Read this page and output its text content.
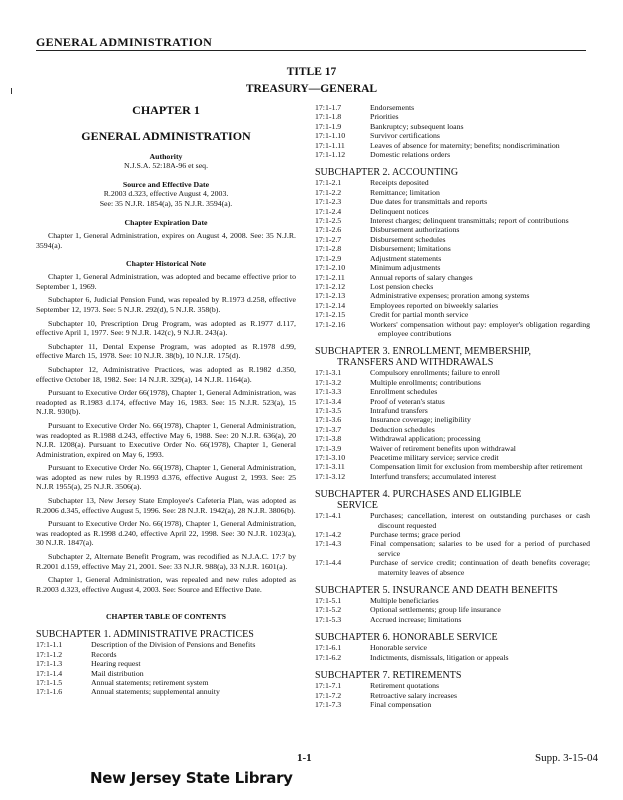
GENERAL ADMINISTRATION
TITLE 17
TREASURY—GENERAL
CHAPTER 1
GENERAL ADMINISTRATION
Authority
N.J.S.A. 52:18A-96 et seq.
Source and Effective Date
R.2003 d.323, effective August 4, 2003.
See: 35 N.J.R. 1854(a), 35 N.J.R. 3594(a).
Chapter Expiration Date
Chapter 1, General Administration, expires on August 4, 2008. See: 35 N.J.R. 3594(a).
Chapter Historical Note
Chapter 1, General Administration, was adopted and became effective prior to September 1, 1969.
Subchapter 6, Judicial Pension Fund, was repealed by R.1973 d.258, effective September 12, 1973. See: 5 N.J.R. 292(d), 5 N.J.R. 358(b).
Subchapter 10, Prescription Drug Program, was adopted as R.1977 d.117, effective April 1, 1977. See: 9 N.J.R. 142(c), 9 N.J.R. 243(a).
Subchapter 11, Dental Expense Program, was adopted as R.1978 d.99, effective March 15, 1978. See: 10 N.J.R. 38(b), 10 N.J.R. 175(d).
Subchapter 12, Administrative Practices, was adopted as R.1982 d.350, effective October 18, 1982. See: 14 N.J.R. 329(a), 14 N.J.R. 1164(a).
Pursuant to Executive Order 66(1978), Chapter 1, General Administration, was readopted as R.1983 d.174, effective May 16, 1983. See: 15 N.J.R. 523(a), 15 N.J.R. 930(b).
Pursuant to Executive Order No. 66(1978), Chapter 1, General Administration, was readopted as R.1988 d.243, effective May 6, 1988. See: 20 N.J.R. 636(a), 20 N.J.R. 1208(a). Pursuant to Executive Order No. 66(1978), Chapter 1, General Administration, expired on May 6, 1993.
Pursuant to Executive Order No. 66(1978), Chapter 1, General Administration, was adopted as new rules by R.1993 d.376, effective August 2, 1993. See: 25 N.J.R 1955(a), 25 N.J.R. 3506(a).
Subchapter 13, New Jersey State Employee's Cafeteria Plan, was adopted as R.2006 d.345, effective August 5, 1996. See: 28 N.J.R. 1942(a), 28 N.J.R. 3806(b).
Pursuant to Executive Order No. 66(1978), Chapter 1, General Administration, was readopted as R.1998 d.240, effective April 22, 1998. See: 30 N.J.R. 1023(a), 30 N.J.R. 1847(a).
Subchapter 2, Alternate Benefit Program, was recodified as N.J.A.C. 17:7 by R.2001 d.159, effective May 21, 2001. See: 33 N.J.R. 988(a), 33 N.J.R. 1601(a).
Chapter 1, General Administration, was repealed and new rules adopted as R.2003 d.323, effective August 4, 2003. See: Source and Effective Date.
CHAPTER TABLE OF CONTENTS
SUBCHAPTER 1. ADMINISTRATIVE PRACTICES
17:1-1.1	Description of the Division of Pensions and Benefits
17:1-1.2	Records
17:1-1.3	Hearing request
17:1-1.4	Mail distribution
17:1-1.5	Annual statements; retirement system
17:1-1.6	Annual statements; supplemental annuity
17:1-1.7	Endorsements
17:1-1.8	Priorities
17:1-1.9	Bankruptcy; subsequent loans
17:1-1.10	Survivor certifications
17:1-1.11	Leaves of absence for maternity; benefits; nondiscrimination
17:1-1.12	Domestic relations orders
SUBCHAPTER 2. ACCOUNTING
17:1-2.1	Receipts deposited
17:1-2.2	Remittance; limitation
17:1-2.3	Due dates for transmittals and reports
17:1-2.4	Delinquent notices
17:1-2.5	Interest charges; delinquent transmittals; report of contributions
17:1-2.6	Disbursement authorizations
17:1-2.7	Disbursement schedules
17:1-2.8	Disbursement; limitations
17:1-2.9	Adjustment statements
17:1-2.10	Minimum adjustments
17:1-2.11	Annual reports of salary changes
17:1-2.12	Lost pension checks
17:1-2.13	Administrative expenses; proration among systems
17:1-2.14	Employees reported on biweekly salaries
17:1-2.15	Credit for partial month service
17:1-2.16	Workers' compensation without pay: employer's obligation regarding employee contributions
SUBCHAPTER 3. ENROLLMENT, MEMBERSHIP,
TRANSFERS AND WITHDRAWALS
17:1-3.1	Compulsory enrollments; failure to enroll
17:1-3.2	Multiple enrollments; contributions
17:1-3.3	Enrollment schedules
17:1-3.4	Proof of veteran's status
17:1-3.5	Intrafund transfers
17:1-3.6	Insurance coverage; ineligibility
17:1-3.7	Deduction schedules
17:1-3.8	Withdrawal application; processing
17:1-3.9	Waiver of retirement benefits upon withdrawal
17:1-3.10	Peacetime military service; service credit
17:1-3.11	Compensation limit for exclusion from membership after retirement
17:1-3.12	Interfund transfers; accumulated interest
SUBCHAPTER 4. PURCHASES AND ELIGIBLE
SERVICE
17:1-4.1	Purchases; cancellation, interest on outstanding purchases or cash discount requested
17:1-4.2	Purchase terms; grace period
17:1-4.3	Final compensation; salaries to be used for a period of purchased service
17:1-4.4	Purchase of service credit; continuation of death benefits coverage; maternity leaves of absence
SUBCHAPTER 5. INSURANCE AND DEATH BENEFITS
17:1-5.1	Multiple beneficiaries
17:1-5.2	Optional settlements; group life insurance
17:1-5.3	Accrued increase; limitations
SUBCHAPTER 6. HONORABLE SERVICE
17:1-6.1	Honorable service
17:1-6.2	Indictments, dismissals, litigation or appeals
SUBCHAPTER 7. RETIREMENTS
17:1-7.1	Retirement quotations
17:1-7.2	Retroactive salary increases
17:1-7.3	Final compensation
1-1	Supp. 3-15-04
New Jersey State Library
